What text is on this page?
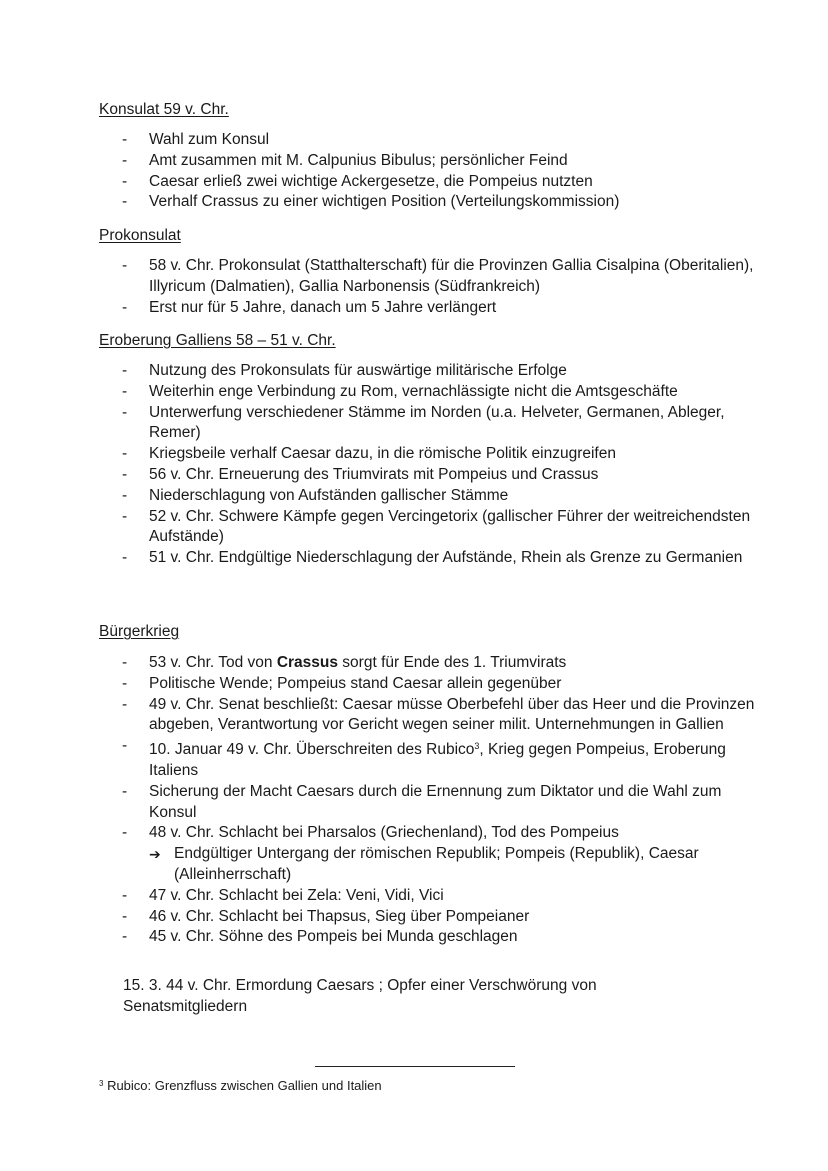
Konsulat 59 v. Chr.
- Wahl zum Konsul
- Amt zusammen mit M. Calpunius Bibulus; persönlicher Feind
- Caesar erließ zwei wichtige Ackergesetze, die Pompeius nutzten
- Verhalf Crassus zu einer wichtigen Position (Verteilungskommission)
Prokonsulat
- 58 v. Chr. Prokonsulat (Statthalterschaft) für die Provinzen Gallia Cisalpina (Oberitalien), Illyricum (Dalmatien), Gallia Narbonensis (Südfrankreich)
- Erst nur für 5 Jahre, danach um 5 Jahre verlängert
Eroberung Galliens 58 – 51 v. Chr.
- Nutzung des Prokonsulats für auswärtige militärische Erfolge
- Weiterhin enge Verbindung zu Rom, vernachlässigte nicht die Amtsgeschäfte
- Unterwerfung verschiedener Stämme im Norden (u.a. Helveter, Germanen, Ableger, Remer)
- Kriegsbeile verhalf Caesar dazu, in die römische Politik einzugreifen
- 56 v. Chr. Erneuerung des Triumvirats mit Pompeius und Crassus
- Niederschlagung von Aufständen gallischer Stämme
- 52 v. Chr. Schwere Kämpfe gegen Vercingetorix (gallischer Führer der weitreichendsten Aufstände)
- 51 v. Chr. Endgültige Niederschlagung der Aufstände, Rhein als Grenze zu Germanien
Bürgerkrieg
- 53 v. Chr. Tod von Crassus sorgt für Ende des 1. Triumvirats
- Politische Wende; Pompeius stand Caesar allein gegenüber
- 49 v. Chr. Senat beschließt: Caesar müsse Oberbefehl über das Heer und die Provinzen abgeben, Verantwortung vor Gericht wegen seiner milit. Unternehmungen in Gallien
- 10. Januar 49 v. Chr. Überschreiten des Rubico$^3$, Krieg gegen Pompeius, Eroberung Italiens
- Sicherung der Macht Caesars durch die Ernennung zum Diktator und die Wahl zum Konsul
- 48 v. Chr. Schlacht bei Pharsalos (Griechenland), Tod des Pompeius
➔ Endgültiger Untergang der römischen Republik; Pompeis (Republik), Caesar (Alleinherrschaft)
- 47 v. Chr. Schlacht bei Zela: Veni, Vidi, Vici
- 46 v. Chr. Schlacht bei Thapsus, Sieg über Pompeianer
- 45 v. Chr. Söhne des Pompeis bei Munda geschlagen
15. 3. 44 v. Chr. Ermordung Caesars ; Opfer einer Verschwörung von Senatsmitgliedern
$^3$ Rubico: Grenzfluss zwischen Gallien und Italien
